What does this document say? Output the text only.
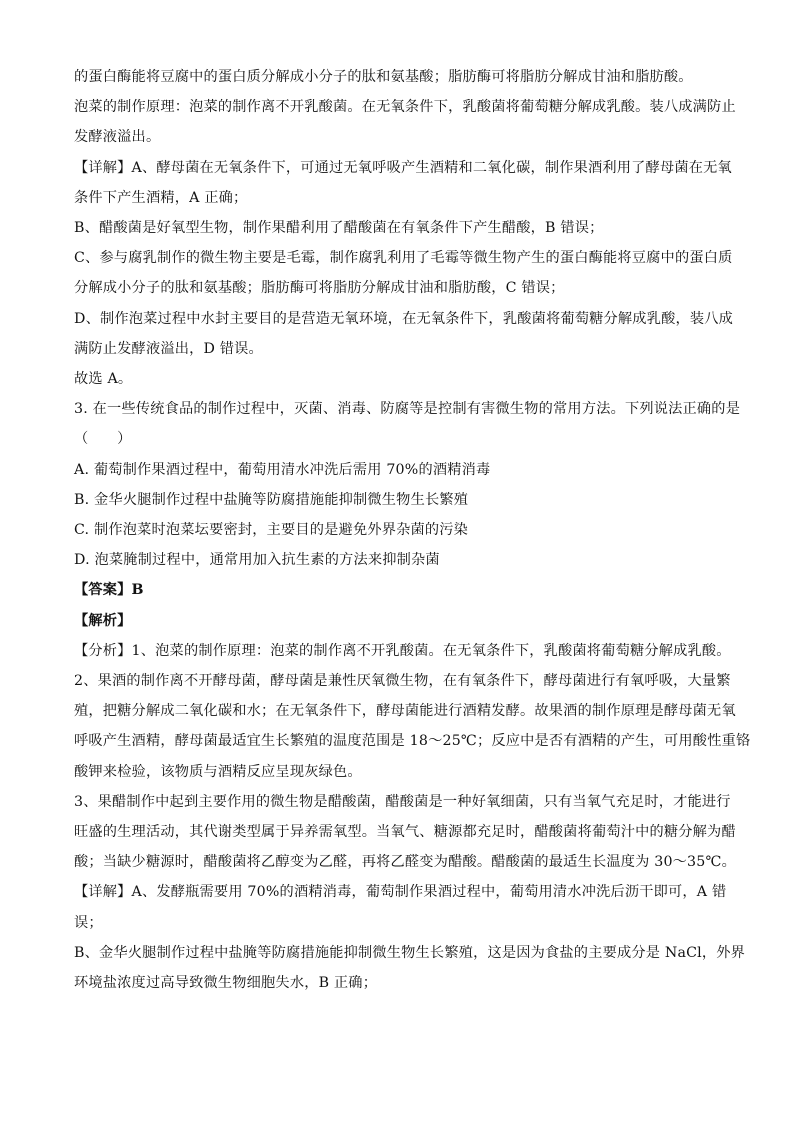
的蛋白酶能将豆腐中的蛋白质分解成小分子的肽和氨基酸；脂肪酶可将脂肪分解成甘油和脂肪酸。
泡菜的制作原理：泡菜的制作离不开乳酸菌。在无氧条件下，乳酸菌将葡萄糖分解成乳酸。装八成满防止
发酵液溢出。
【详解】A、酵母菌在无氧条件下，可通过无氧呼吸产生酒精和二氧化碳，制作果酒利用了酵母菌在无氧
条件下产生酒精，A 正确；
B、醋酸菌是好氧型生物，制作果醋利用了醋酸菌在有氧条件下产生醋酸，B 错误；
C、参与腐乳制作的微生物主要是毛霉，制作腐乳利用了毛霉等微生物产生的蛋白酶能将豆腐中的蛋白质
分解成小分子的肽和氨基酸；脂肪酶可将脂肪分解成甘油和脂肪酸，C 错误；
D、制作泡菜过程中水封主要目的是营造无氧环境，在无氧条件下，乳酸菌将葡萄糖分解成乳酸，装八成
满防止发酵液溢出，D 错误。
故选 A。
3. 在一些传统食品的制作过程中，灭菌、消毒、防腐等是控制有害微生物的常用方法。下列说法正确的是
（　　）
A. 葡萄制作果酒过程中，葡萄用清水冲洗后需用 70%的酒精消毒
B. 金华火腿制作过程中盐腌等防腐措施能抑制微生物生长繁殖
C. 制作泡菜时泡菜坛要密封，主要目的是避免外界杂菌的污染
D. 泡菜腌制过程中，通常用加入抗生素的方法来抑制杂菌
【答案】B
【解析】
【分析】1、泡菜的制作原理：泡菜的制作离不开乳酸菌。在无氧条件下，乳酸菌将葡萄糖分解成乳酸。
2、果酒的制作离不开酵母菌，酵母菌是兼性厌氧微生物，在有氧条件下，酵母菌进行有氧呼吸，大量繁
殖，把糖分解成二氧化碳和水；在无氧条件下，酵母菌能进行酒精发酵。故果酒的制作原理是酵母菌无氧
呼吸产生酒精，酵母菌最适宜生长繁殖的温度范围是 18～25℃；反应中是否有酒精的产生，可用酸性重铬
酸钾来检验，该物质与酒精反应呈现灰绿色。
3、果醋制作中起到主要作用的微生物是醋酸菌，醋酸菌是一种好氧细菌，只有当氧气充足时，才能进行
旺盛的生理活动，其代谢类型属于异养需氧型。当氧气、糖源都充足时，醋酸菌将葡萄汁中的糖分解为醋
酸；当缺少糖源时，醋酸菌将乙醇变为乙醛，再将乙醛变为醋酸。醋酸菌的最适生长温度为 30～35℃。
【详解】A、发酵瓶需要用 70%的酒精消毒，葡萄制作果酒过程中，葡萄用清水冲洗后沥干即可，A 错
误；
B、金华火腿制作过程中盐腌等防腐措施能抑制微生物生长繁殖，这是因为食盐的主要成分是 NaCl，外界
环境盐浓度过高导致微生物细胞失水，B 正确；
